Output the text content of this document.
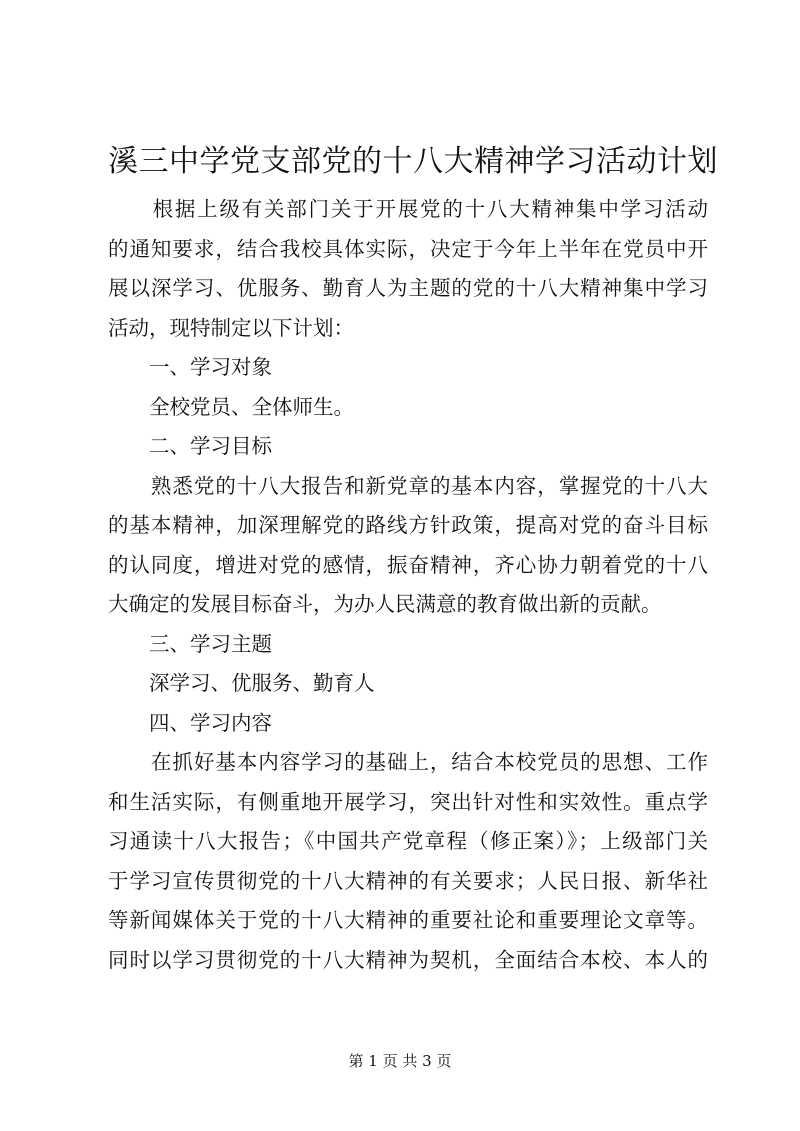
溪三中学党支部党的十八大精神学习活动计划
　　根据上级有关部门关于开展党的十八大精神集中学习活动
的通知要求，结合我校具体实际，决定于今年上半年在党员中开
展以深学习、优服务、勤育人为主题的党的十八大精神集中学习
活动，现特制定以下计划：
　　一、学习对象
　　全校党员、全体师生。
　　二、学习目标
　　熟悉党的十八大报告和新党章的基本内容，掌握党的十八大
的基本精神，加深理解党的路线方针政策，提高对党的奋斗目标
的认同度，增进对党的感情，振奋精神，齐心协力朝着党的十八
大确定的发展目标奋斗，为办人民满意的教育做出新的贡献。
　　三、学习主题
　　深学习、优服务、勤育人
　　四、学习内容
　　在抓好基本内容学习的基础上，结合本校党员的思想、工作
和生活实际，有侧重地开展学习，突出针对性和实效性。重点学
习通读十八大报告；《中国共产党章程（修正案）》；上级部门关
于学习宣传贯彻党的十八大精神的有关要求；人民日报、新华社
等新闻媒体关于党的十八大精神的重要社论和重要理论文章等。
同时以学习贯彻党的十八大精神为契机，全面结合本校、本人的
第 1 页 共 3 页
